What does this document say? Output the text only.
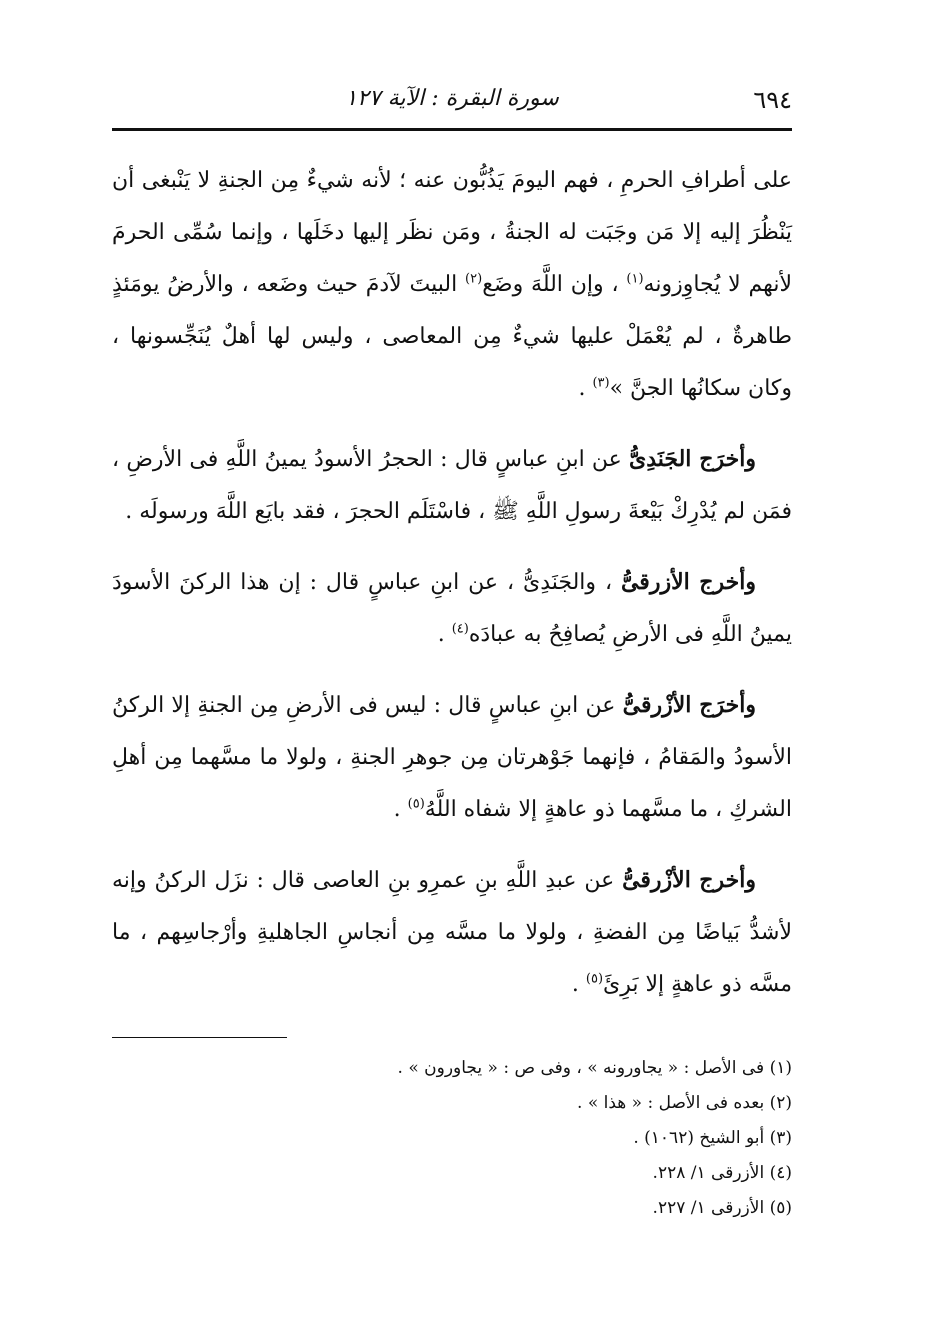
٦٩٤
سورة البقرة : الآية ١٢٧

على أطرافِ الحرمِ ، فهم اليومَ يَذُبُّون عنه ؛ لأنه شيءٌ مِن الجنةِ لا يَنْبغى أن يَنْظُرَ إليه إلا مَن وجَبَت له الجنةُ ، ومَن نظَر إليها دخَلَها ، وإنما سُمِّى الحرمَ لأنهم لا يُجاوِزونه$^{(١)}$ ، وإن اللَّهَ وضَع$^{(٢)}$ البيتَ لآدمَ حيث وضَعه ، والأرضُ يومَئذٍ طاهرةٌ ، لم يُعْمَلْ عليها شيءٌ مِن المعاصى ، وليس لها أهلٌ يُنَجِّسونها ، وكان سكانُها الجنَّ »$^{(٣)}$ .

وأخرَج الجَنَدِىُّ عن ابنِ عباسٍ قال : الحجرُ الأسودُ يمينُ اللَّهِ فى الأرضِ ، فمَن لم يُدْرِكْ بَيْعةَ رسولِ اللَّهِ ﷺ ، فاسْتَلَم الحجرَ ، فقد بايَع اللَّهَ ورسولَه .

وأخرج الأزرقىُّ ، والجَنَدِىُّ ، عن ابنِ عباسٍ قال : إن هذا الركنَ الأسودَ يمينُ اللَّهِ فى الأرضِ يُصافِحُ به عبادَه$^{(٤)}$ .

وأخرَج الأزْرقىُّ عن ابنِ عباسٍ قال : ليس فى الأرضِ مِن الجنةِ إلا الركنُ الأسودُ والمَقامُ ، فإنهما جَوْهرتان مِن جوهرِ الجنةِ ، ولولا ما مسَّهما مِن أهلِ الشركِ ، ما مسَّهما ذو عاهةٍ إلا شفاه اللَّهُ$^{(٥)}$ .

وأخرج الأزْرقىُّ عن عبدِ اللَّهِ بنِ عمرِو بنِ العاصى قال : نزَل الركنُ وإنه لأشدُّ بَياضًا مِن الفضةِ ، ولولا ما مسَّه مِن أنجاسِ الجاهليةِ وأرْجاسِهم ، ما مسَّه ذو عاهةٍ إلا بَرِئَ$^{(٥)}$ .

(١) فى الأصل : « يجاورونه » ، وفى ص : « يجاورون » .

(٢) بعده فى الأصل : « هذا » .

(٣) أبو الشيخ (١٠٦٢) .

(٤) الأزرقى ١/ ٢٢٨.

(٥) الأزرقى ١/ ٢٢٧.
